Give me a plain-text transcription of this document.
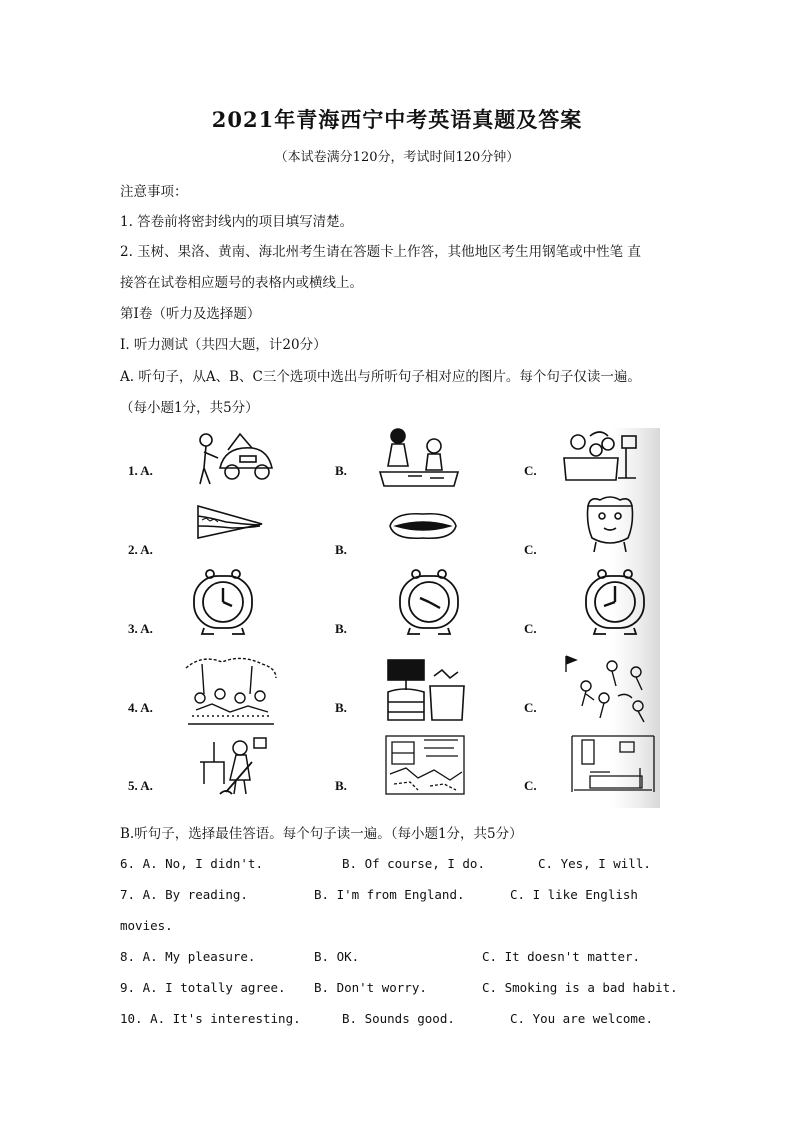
2021年青海西宁中考英语真题及答案
（本试卷满分120分，考试时间120分钟）
注意事项：
1. 答卷前将密封线内的项目填写清楚。
2. 玉树、果洛、黄南、海北州考生请在答题卡上作答，其他地区考生用钢笔或中性笔 直
接答在试卷相应题号的表格内或横线上。
第Ⅰ卷（听力及选择题）
Ⅰ. 听力测试（共四大题，计20分）
A. 听句子，从A、B、C三个选项中选出与所听句子相对应的图片。每个句子仅读一遍。
（每小题1分，共5分）
1. A.	B.	C.
2. A.	B.	C.
3. A.	B.	C.
4. A.	B.	C.
YARD
SALE
5. A.	B.	C.
B.听句子，选择最佳答语。每个句子读一遍。（每小题1分，共5分）
6. A. No, I didn't.	B. Of course, I do.	C. Yes, I will.
7. A. By reading.	B. I'm from England.	C. I like English
movies.
8. A. My pleasure.	B. OK.	C. It doesn't matter.
9. A. I totally agree. B. Don't worry.	C. Smoking is a bad habit.
10. A. It's interesting.	B. Sounds good.	C. You are welcome.
